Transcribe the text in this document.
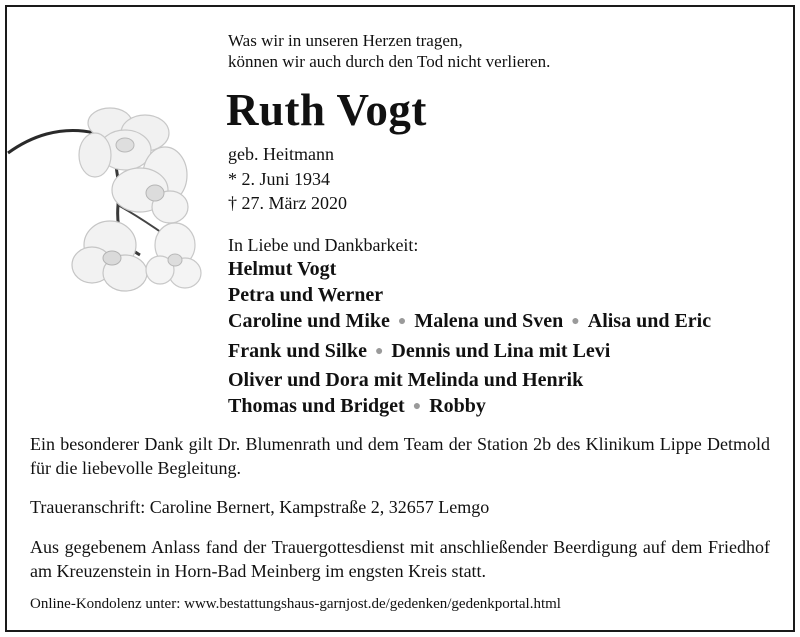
Was wir in unseren Herzen tragen,
können wir auch durch den Tod nicht verlieren.
Ruth Vogt
geb. Heitmann
* 2. Juni 1934
† 27. März 2020
In Liebe und Dankbarkeit:
Helmut Vogt
Petra und Werner
Caroline und Mike ● Malena und Sven ● Alisa und Eric
Frank und Silke ● Dennis und Lina mit Levi
Oliver und Dora mit Melinda und Henrik
Thomas und Bridget ● Robby
Ein besonderer Dank gilt Dr. Blumenrath und dem Team der Station 2b des Klinikum Lippe Detmold für die liebevolle Begleitung.
Traueranschrift: Caroline Bernert, Kampstraße 2, 32657 Lemgo
Aus gegebenem Anlass fand der Trauergottesdienst mit anschließender Beerdigung auf dem Friedhof am Kreuzenstein in Horn-Bad Meinberg im engsten Kreis statt.
Online-Kondolenz unter: www.bestattungshaus-garnjost.de/gedenken/gedenkportal.html
